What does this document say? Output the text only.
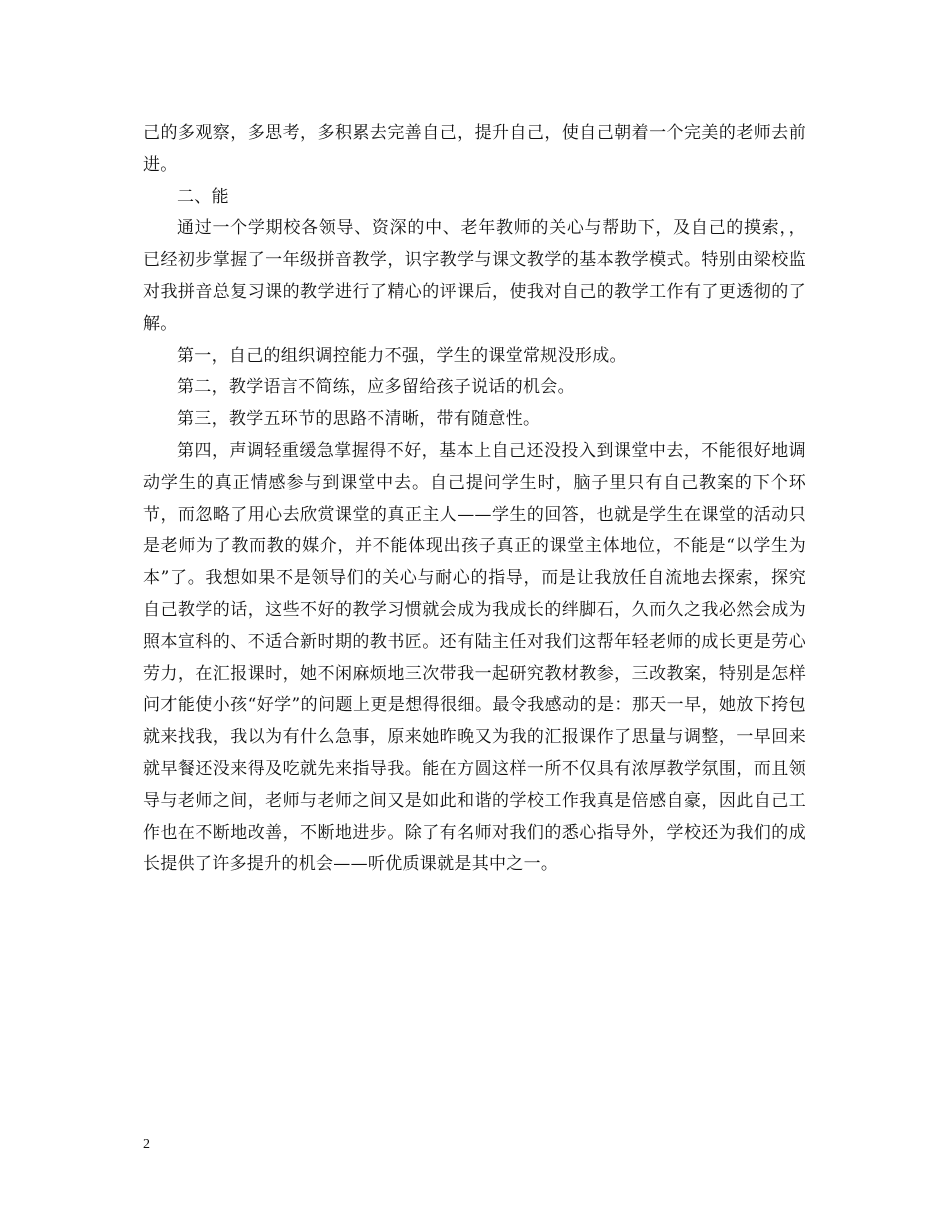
己的多观察，多思考，多积累去完善自己，提升自己，使自己朝着一个完美的老师去前进。

二、能

通过一个学期校各领导、资深的中、老年教师的关心与帮助下，及自己的摸索，，已经初步掌握了一年级拼音教学，识字教学与课文教学的基本教学模式。特别由梁校监对我拼音总复习课的教学进行了精心的评课后，使我对自己的教学工作有了更透彻的了解。

第一，自己的组织调控能力不强，学生的课堂常规没形成。

第二，教学语言不简练，应多留给孩子说话的机会。

第三，教学五环节的思路不清晰，带有随意性。

第四，声调轻重缓急掌握得不好，基本上自己还没投入到课堂中去，不能很好地调动学生的真正情感参与到课堂中去。自己提问学生时，脑子里只有自己教案的下个环节，而忽略了用心去欣赏课堂的真正主人——学生的回答，也就是学生在课堂的活动只是老师为了教而教的媒介，并不能体现出孩子真正的课堂主体地位，不能是“以学生为本”了。我想如果不是领导们的关心与耐心的指导，而是让我放任自流地去探索，探究自己教学的话，这些不好的教学习惯就会成为我成长的绊脚石，久而久之我必然会成为照本宣科的、不适合新时期的教书匠。还有陆主任对我们这帮年轻老师的成长更是劳心劳力，在汇报课时，她不闲麻烦地三次带我一起研究教材教参，三改教案，特别是怎样问才能使小孩“好学”的问题上更是想得很细。最令我感动的是：那天一早，她放下挎包就来找我，我以为有什么急事，原来她昨晚又为我的汇报课作了思量与调整，一早回来就早餐还没来得及吃就先来指导我。能在方圆这样一所不仅具有浓厚教学氛围，而且领导与老师之间，老师与老师之间又是如此和谐的学校工作我真是倍感自豪，因此自己工作也在不断地改善，不断地进步。除了有名师对我们的悉心指导外，学校还为我们的成长提供了许多提升的机会——听优质课就是其中之一。

2
